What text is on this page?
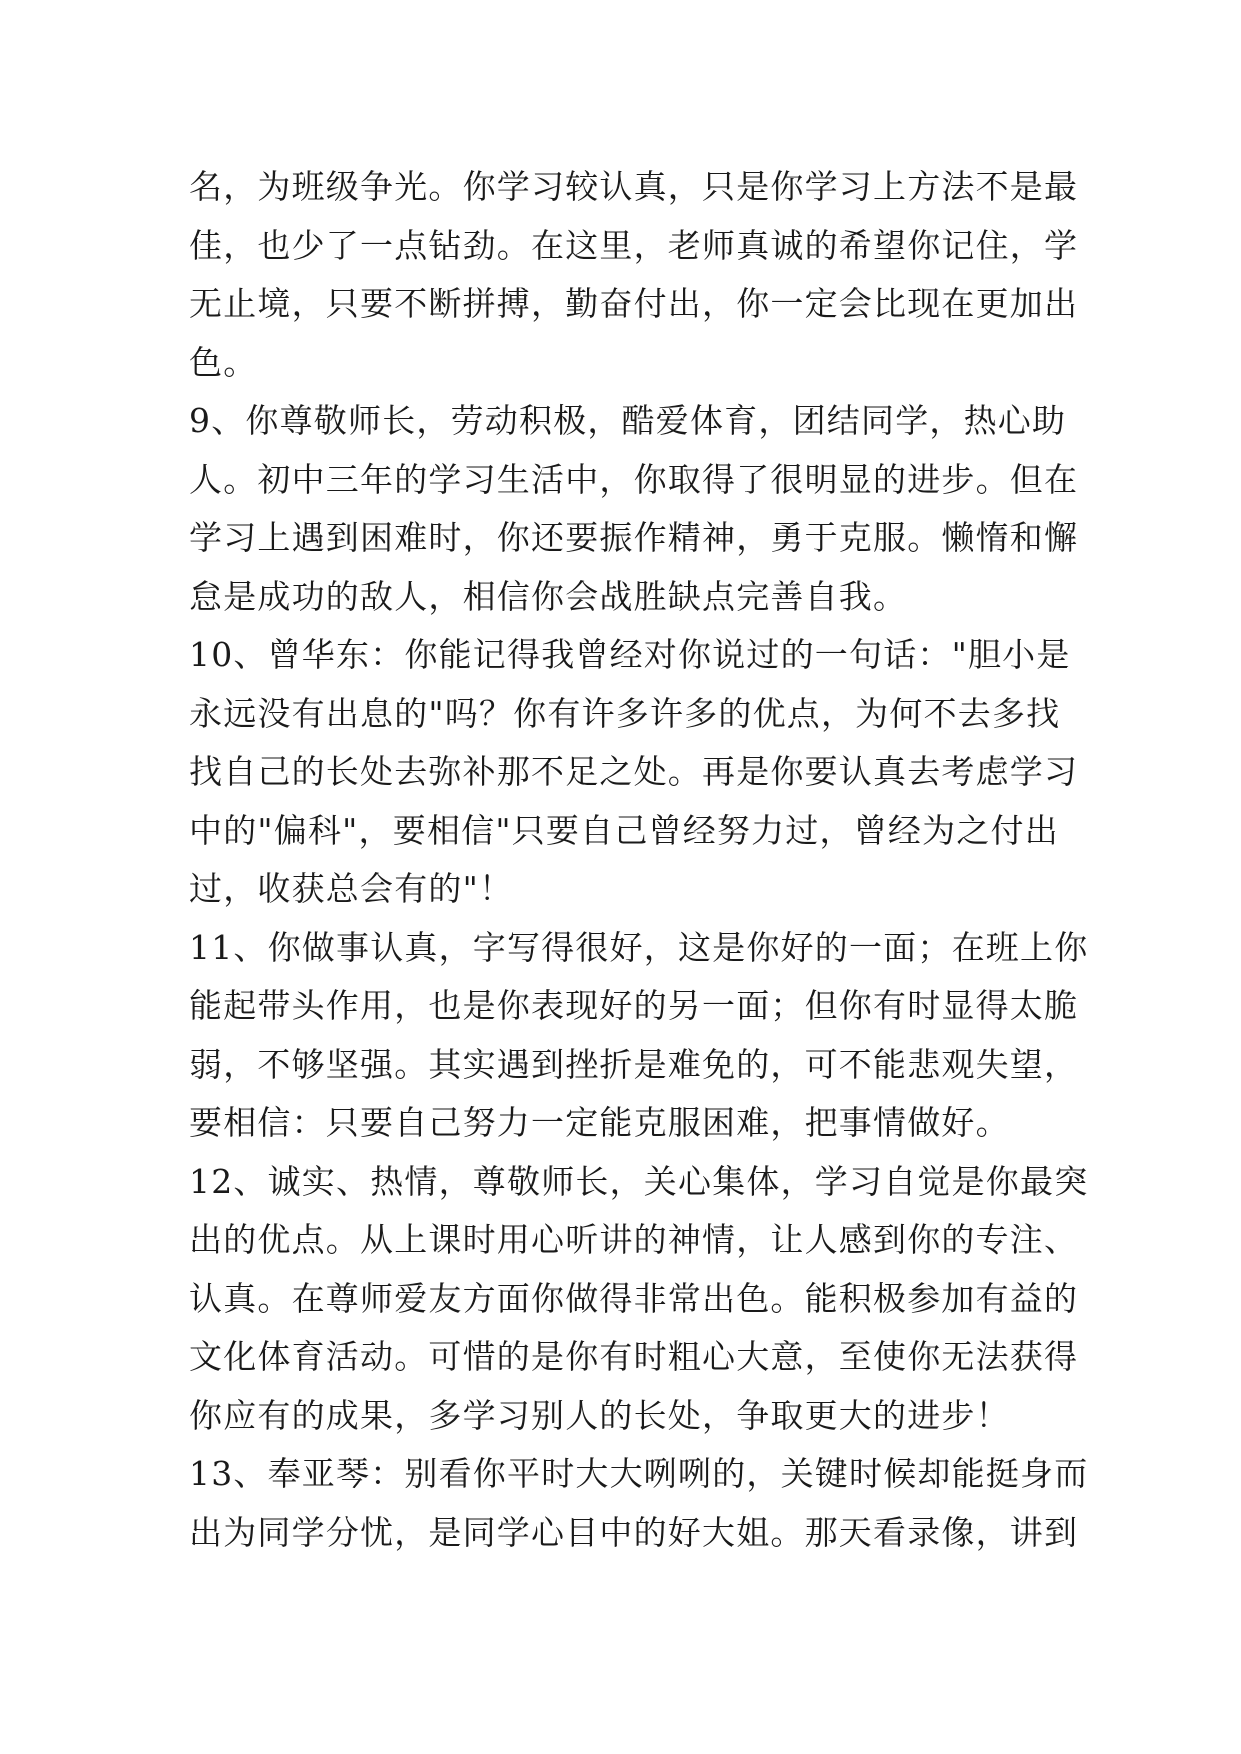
名，为班级争光。你学习较认真，只是你学习上方法不是最
佳，也少了一点钻劲。在这里，老师真诚的希望你记住，学
无止境，只要不断拼搏，勤奋付出，你一定会比现在更加出
色。
9、你尊敬师长，劳动积极，酷爱体育，团结同学，热心助
人。初中三年的学习生活中，你取得了很明显的进步。但在
学习上遇到困难时，你还要振作精神，勇于克服。懒惰和懈
怠是成功的敌人，相信你会战胜缺点完善自我。
10、曾华东：你能记得我曾经对你说过的一句话："胆小是
永远没有出息的"吗？你有许多许多的优点，为何不去多找
找自己的长处去弥补那不足之处。再是你要认真去考虑学习
中的"偏科"，要相信"只要自己曾经努力过，曾经为之付出
过，收获总会有的"！
11、你做事认真，字写得很好，这是你好的一面；在班上你
能起带头作用，也是你表现好的另一面；但你有时显得太脆
弱，不够坚强。其实遇到挫折是难免的，可不能悲观失望，
要相信：只要自己努力一定能克服困难，把事情做好。
12、诚实、热情，尊敬师长，关心集体，学习自觉是你最突
出的优点。从上课时用心听讲的神情，让人感到你的专注、
认真。在尊师爱友方面你做得非常出色。能积极参加有益的
文化体育活动。可惜的是你有时粗心大意，至使你无法获得
你应有的成果，多学习别人的长处，争取更大的进步！
13、奉亚琴：别看你平时大大咧咧的，关键时候却能挺身而
出为同学分忧，是同学心目中的好大姐。那天看录像，讲到
